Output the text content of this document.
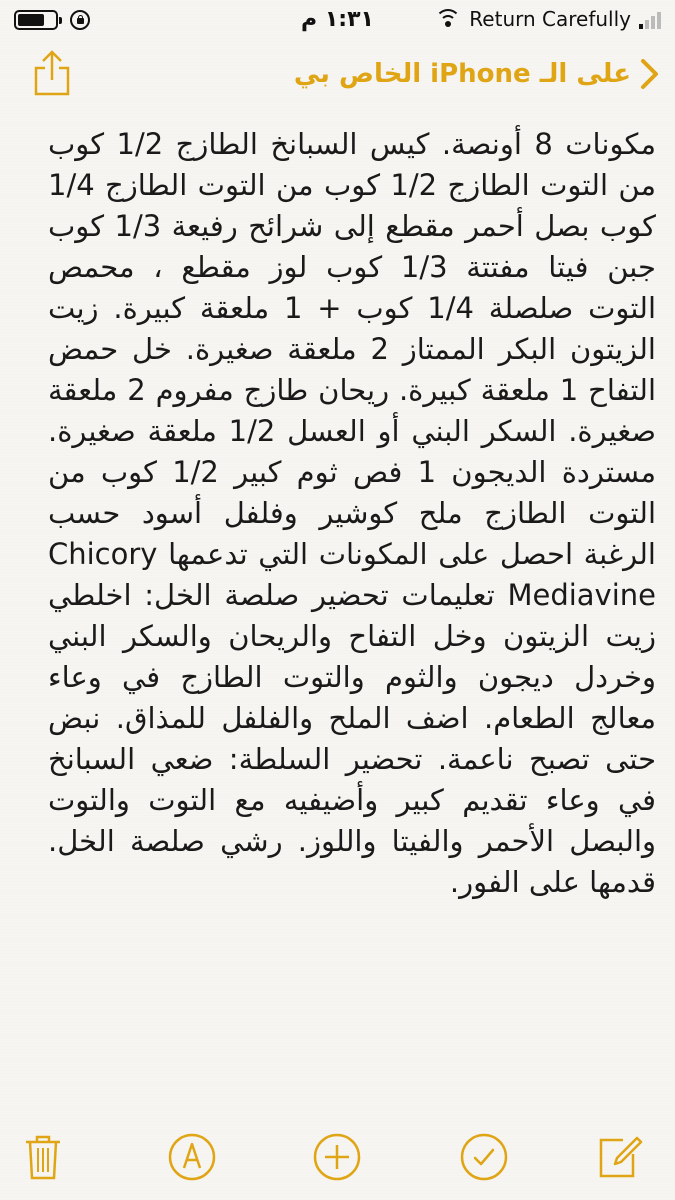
١:٣١ م	Return Carefully
على الـ iPhone الخاص بي
مكونات 8 أونصة. كيس السبانخ الطازج 1/2 كوب من التوت الطازج 1/2 كوب من التوت الطازج 1/4 كوب بصل أحمر مقطع إلى شرائح رفيعة 1/3 كوب جبن فيتا مفتتة 1/3 كوب لوز مقطع ، محمص التوت صلصلة 1/4 كوب + 1 ملعقة كبيرة. زيت الزيتون البكر الممتاز 2 ملعقة صغيرة. خل حمض التفاح 1 ملعقة كبيرة. ريحان طازج مفروم 2 ملعقة صغيرة. السكر البني أو العسل 1/2 ملعقة صغيرة. مستردة الديجون 1 فص ثوم كبير 1/2 كوب من التوت الطازج ملح كوشير وفلفل أسود حسب الرغبة احصل على المكونات التي تدعمها Chicory Mediavine تعليمات تحضير صلصة الخل: اخلطي زيت الزيتون وخل التفاح والريحان والسكر البني وخردل ديجون والثوم والتوت الطازج في وعاء معالج الطعام. اضف الملح والفلفل للمذاق. نبض حتى تصبح ناعمة. تحضير السلطة: ضعي السبانخ في وعاء تقديم كبير وأضيفيه مع التوت والتوت والبصل الأحمر والفيتا واللوز. رشي صلصة الخل. قدمها على الفور.
